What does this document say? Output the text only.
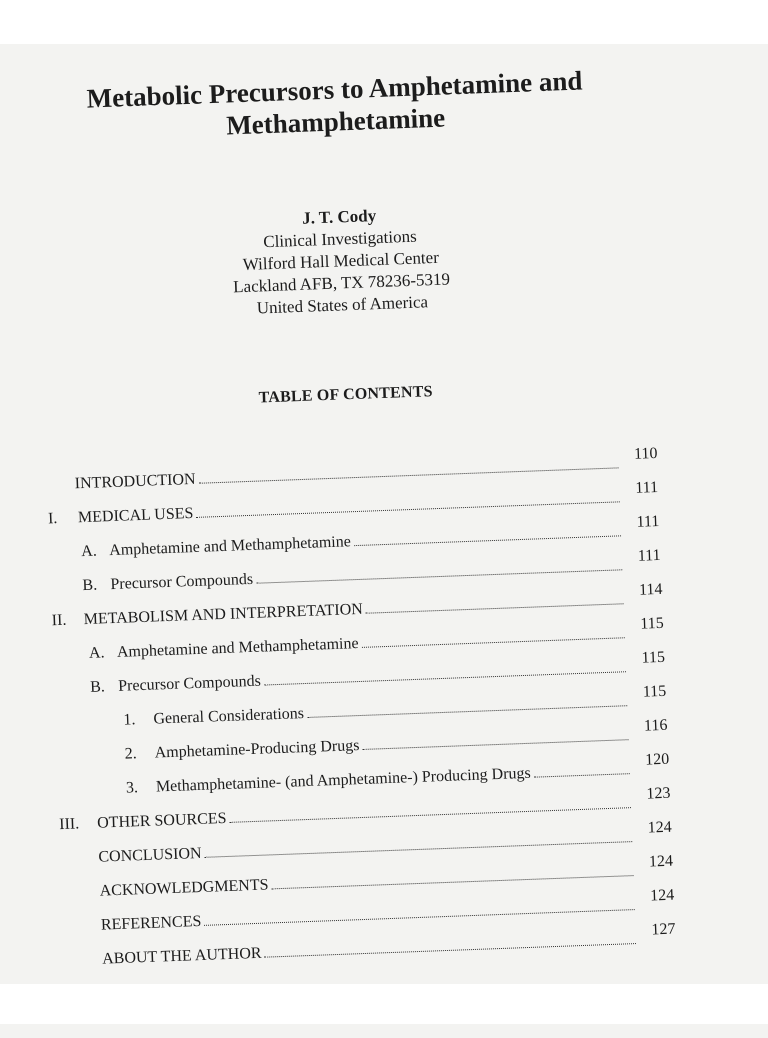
Metabolic Precursors to Amphetamine and
Methamphetamine
J. T. Cody
Clinical Investigations
Wilford Hall Medical Center
Lackland AFB, TX 78236-5319
United States of America
TABLE OF CONTENTS
INTRODUCTION
110
I. MEDICAL USES
111
A. Amphetamine and Methamphetamine
111
B. Precursor Compounds
111
II. METABOLISM AND INTERPRETATION
114
A. Amphetamine and Methamphetamine
115
B. Precursor Compounds
115
1. General Considerations
115
2. Amphetamine-Producing Drugs
116
3. Methamphetamine- (and Amphetamine-) Producing Drugs
120
III. OTHER SOURCES
123
CONCLUSION
124
ACKNOWLEDGMENTS
124
REFERENCES
124
ABOUT THE AUTHOR
127
